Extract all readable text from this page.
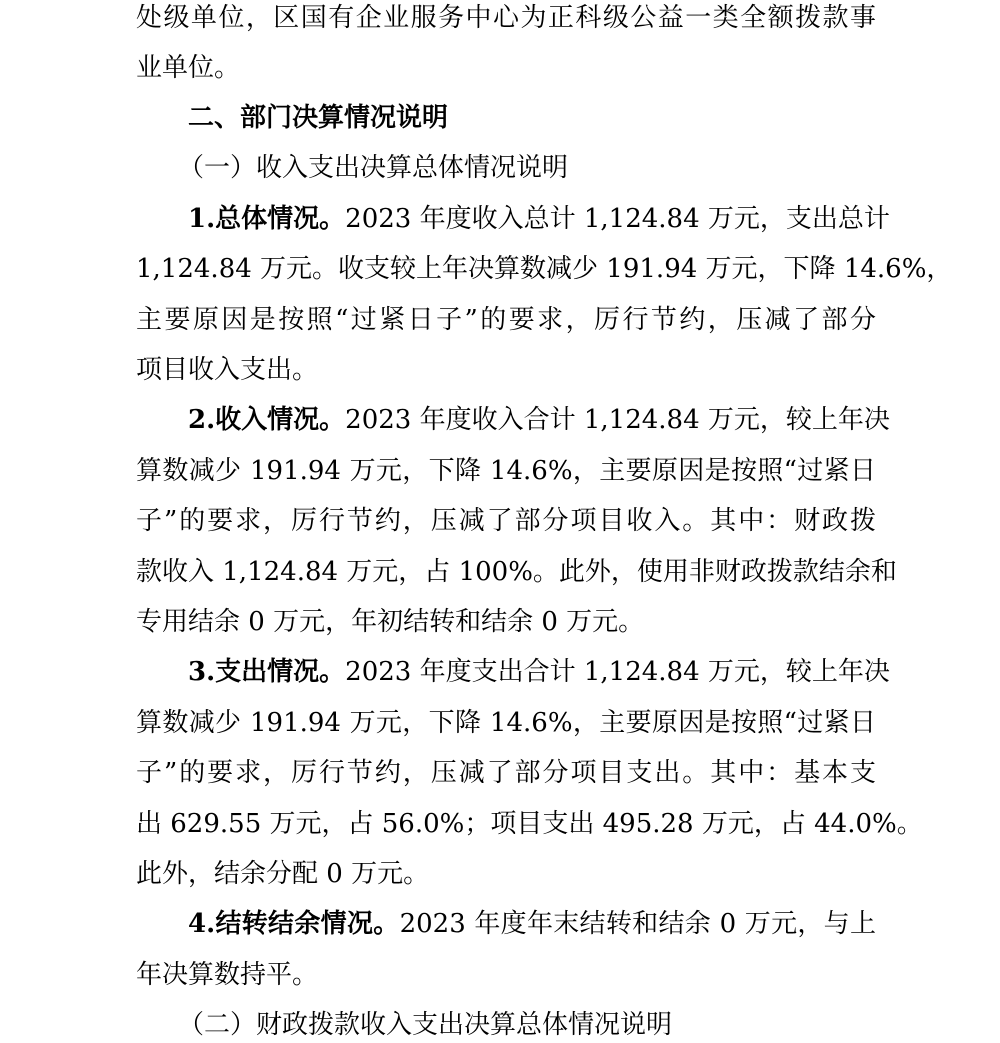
处级单位，区国有企业服务中心为正科级公益一类全额拨款事
业单位。
二、部门决算情况说明
（一）收入支出决算总体情况说明
1.总体情况。2023 年度收入总计 1,124.84 万元，支出总计
1,124.84 万元。收支较上年决算数减少 191.94 万元，下降 14.6%，
主要原因是按照“过紧日子”的要求，厉行节约，压减了部分
项目收入支出。
2.收入情况。2023 年度收入合计 1,124.84 万元，较上年决
算数减少 191.94 万元，下降 14.6%，主要原因是按照“过紧日
子”的要求，厉行节约，压减了部分项目收入。其中：财政拨
款收入 1,124.84 万元，占 100%。此外，使用非财政拨款结余和
专用结余 0 万元，年初结转和结余 0 万元。
3.支出情况。2023 年度支出合计 1,124.84 万元，较上年决
算数减少 191.94 万元，下降 14.6%，主要原因是按照“过紧日
子”的要求，厉行节约，压减了部分项目支出。其中：基本支
出 629.55 万元，占 56.0%；项目支出 495.28 万元，占 44.0%。
此外，结余分配 0 万元。
4.结转结余情况。2023 年度年末结转和结余 0 万元，与上
年决算数持平。
（二）财政拨款收入支出决算总体情况说明
